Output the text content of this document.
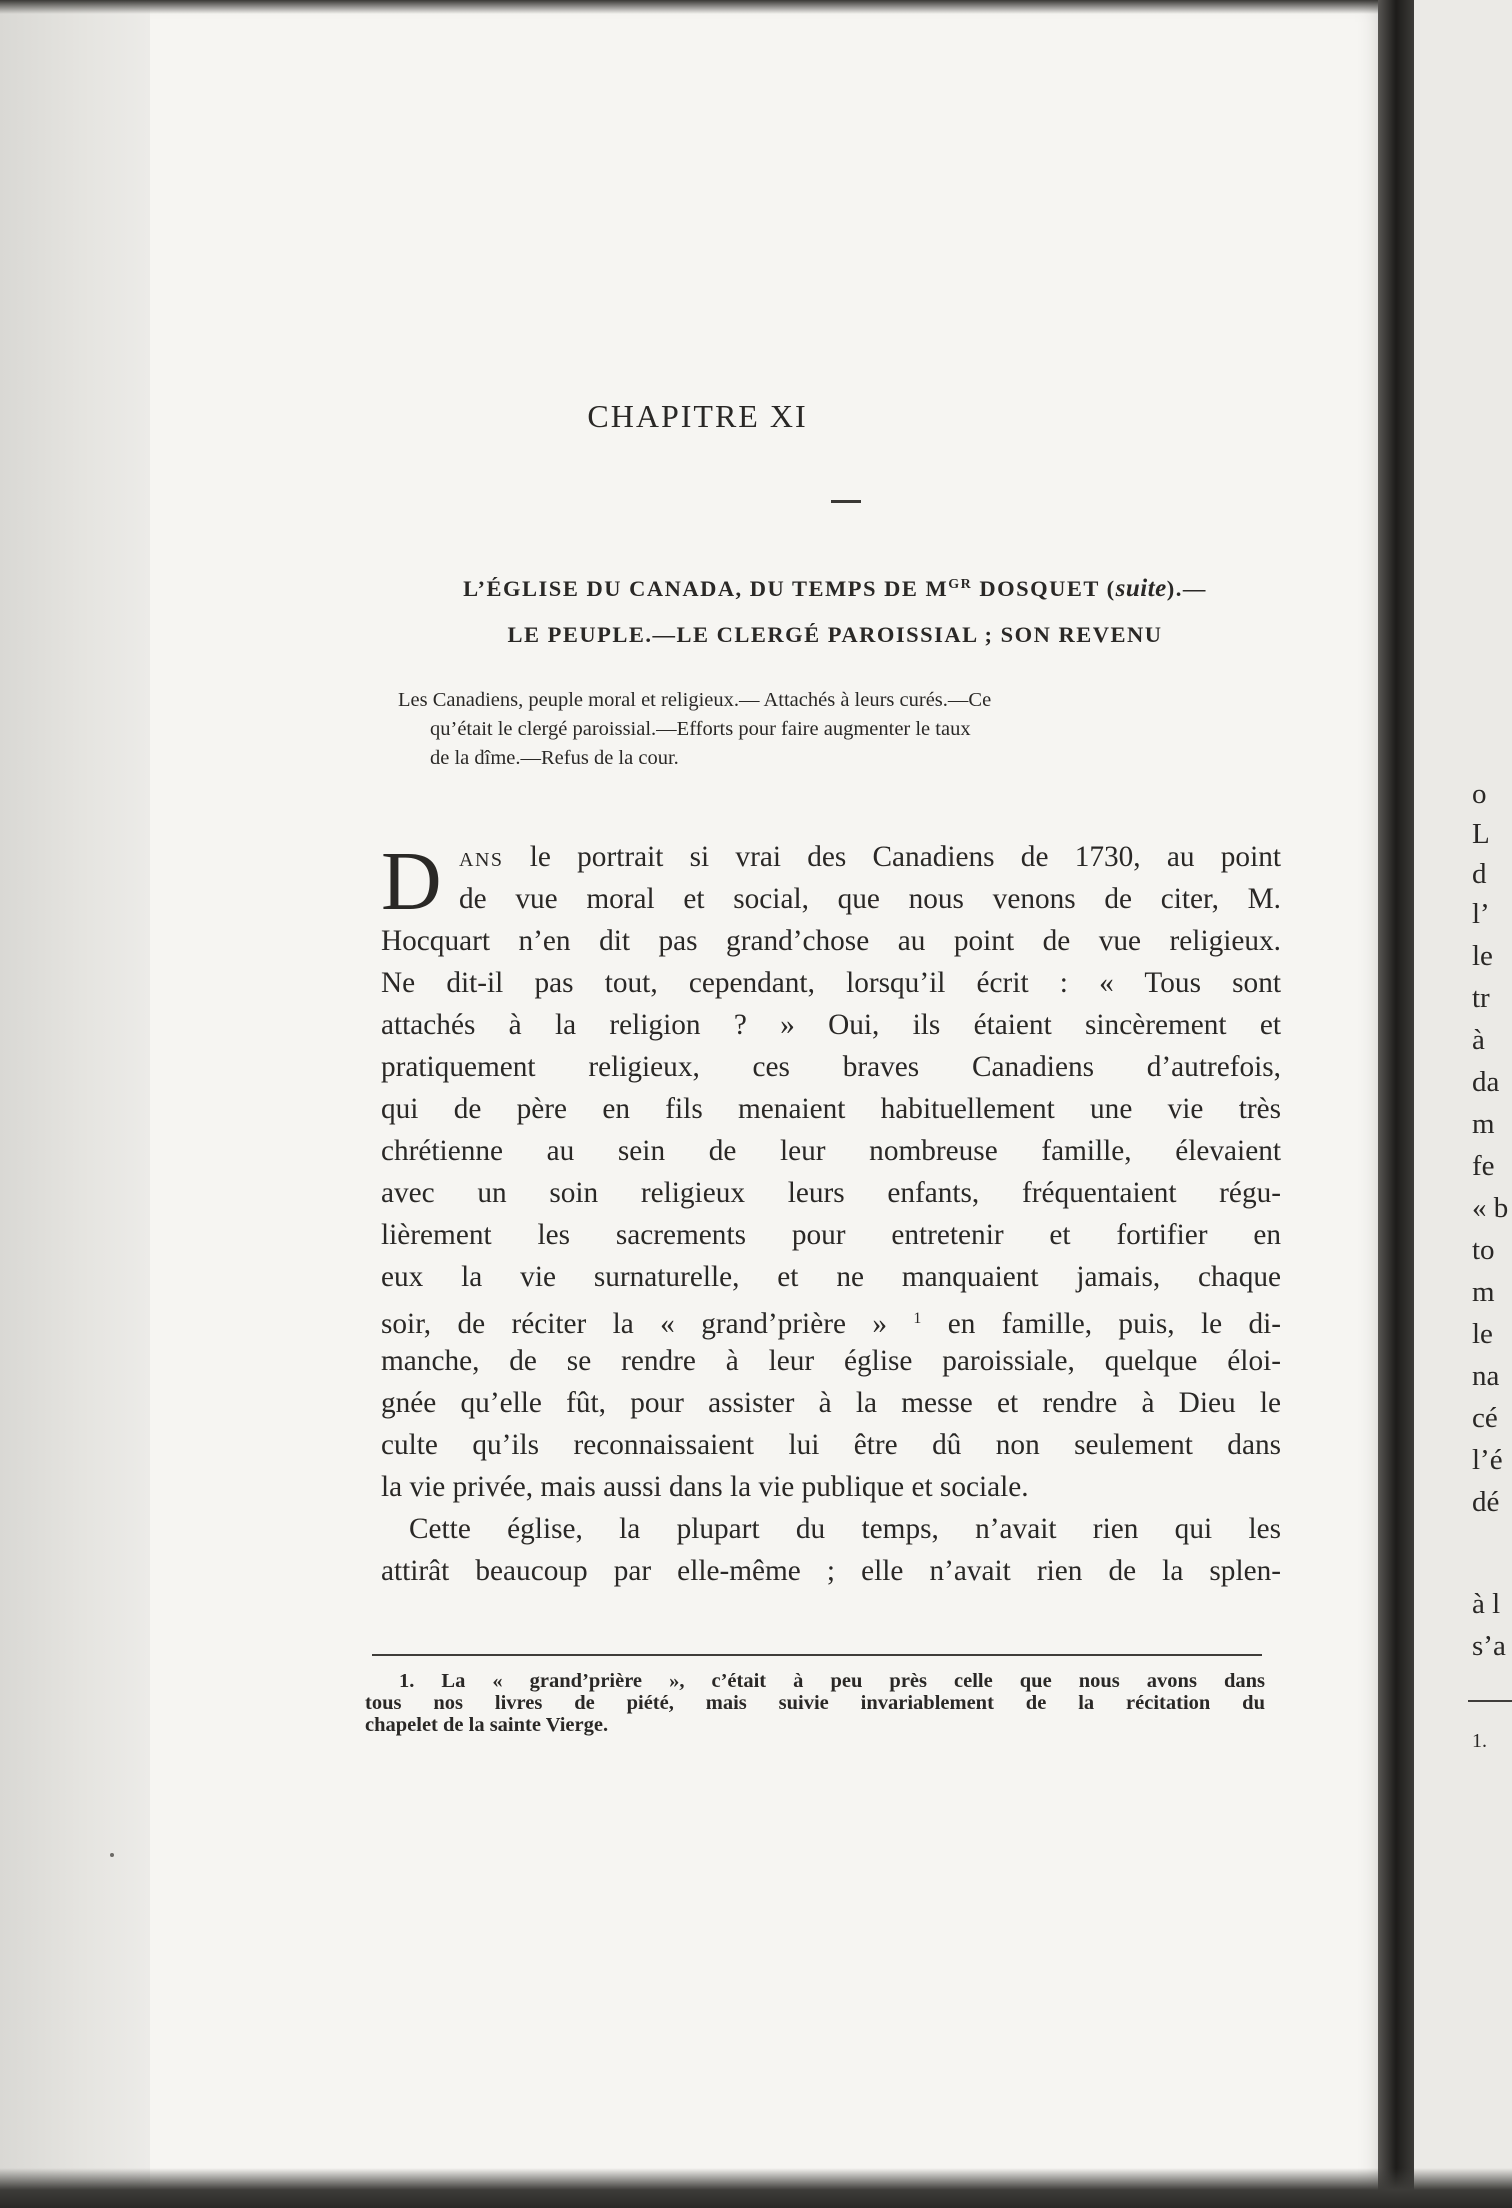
CHAPITRE XI
L’ÉGLISE DU CANADA, DU TEMPS DE $M^{GR}$ DOSQUET (suite).—
LE PEUPLE.—LE CLERGÉ PAROISSIAL ; SON REVENU

Les Canadiens, peuple moral et religieux.— Attachés à leurs curés.—Ce
qu’était le clergé paroissial.—Efforts pour faire augmenter le taux
de la dîme.—Refus de la cour.

D ANS le portrait si vrai des Canadiens de 1730, au point
de vue moral et social, que nous venons de citer, M.
Hocquart n’en dit pas grand’chose au point de vue religieux.
Ne dit-il pas tout, cependant, lorsqu’il écrit : « Tous sont
attachés à la religion ? » Oui, ils étaient sincèrement et
pratiquement religieux, ces braves Canadiens d’autrefois,
qui de père en fils menaient habituellement une vie très
chrétienne au sein de leur nombreuse famille, élevaient
avec un soin religieux leurs enfants, fréquentaient régu-
lièrement les sacrements pour entretenir et fortifier en
eux la vie surnaturelle, et ne manquaient jamais, chaque
soir, de réciter la « grand’prière » $^1$ en famille, puis, le di-
manche, de se rendre à leur église paroissiale, quelque éloi-
gnée qu’elle fût, pour assister à la messe et rendre à Dieu le
culte qu’ils reconnaissaient lui être dû non seulement dans
la vie privée, mais aussi dans la vie publique et sociale.
Cette église, la plupart du temps, n’avait rien qui les
attirât beaucoup par elle-même ; elle n’avait rien de la splen-
1. La « grand’prière », c’était à peu près celle que nous avons dans
tous nos livres de piété, mais suivie invariablement de la récitation du
chapelet de la sainte Vierge.
o
L
d
l’
le
tr
à
da
m
fe
« b
to
m
le
na
cé
l’é
dé
à l
s’a
1.
